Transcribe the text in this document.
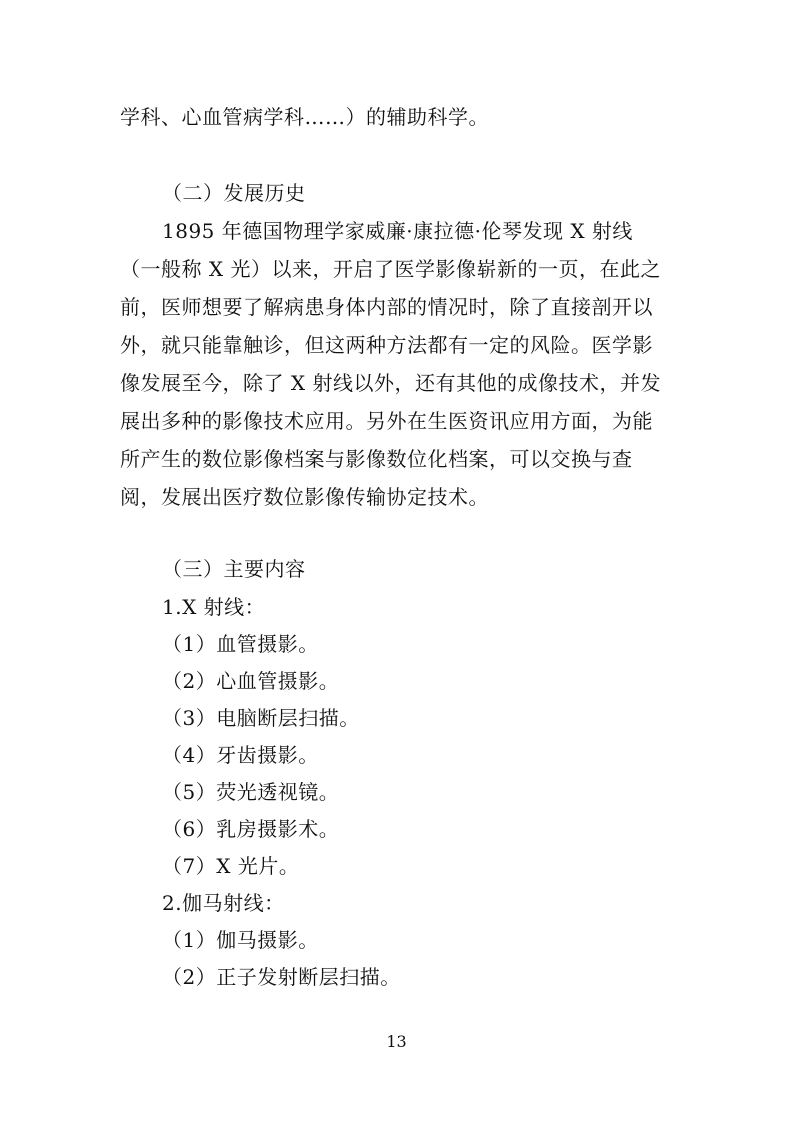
学科、心血管病学科……）的辅助科学。
（二）发展历史
1895 年德国物理学家威廉·康拉德·伦琴发现 X 射线
（一般称 X 光）以来，开启了医学影像崭新的一页，在此之
前，医师想要了解病患身体内部的情况时，除了直接剖开以
外，就只能靠触诊，但这两种方法都有一定的风险。医学影
像发展至今，除了 X 射线以外，还有其他的成像技术，并发
展出多种的影像技术应用。另外在生医资讯应用方面，为能
所产生的数位影像档案与影像数位化档案，可以交换与查
阅，发展出医疗数位影像传输协定技术。
（三）主要内容
1.X 射线：
（1）血管摄影。
（2）心血管摄影。
（3）电脑断层扫描。
（4）牙齿摄影。
（5）荧光透视镜。
（6）乳房摄影术。
（7）X 光片。
2.伽马射线：
（1）伽马摄影。
（2）正子发射断层扫描。
13
